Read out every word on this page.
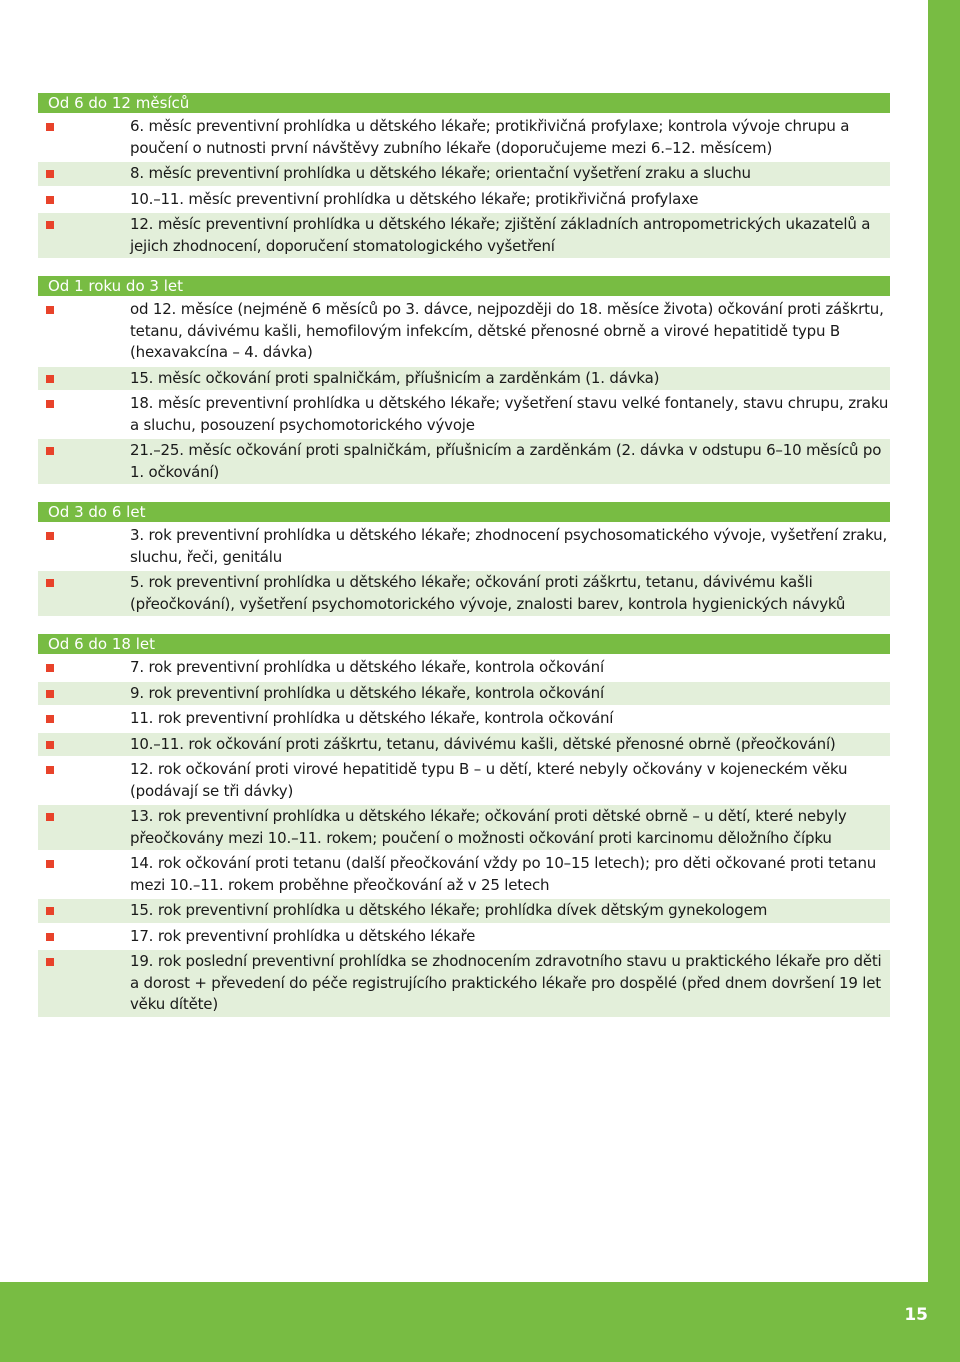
15
Od 6 do 12 měsíců
6. měsíc preventivní prohlídka u dětského lékaře; protikřivičná profylaxe; kontrola vývoje chrupu a poučení o nutnosti první návštěvy zubního lékaře (doporučujeme mezi 6.–12. měsícem)
8. měsíc preventivní prohlídka u dětského lékaře; orientační vyšetření zraku a sluchu
10.–11. měsíc preventivní prohlídka u dětského lékaře; protikřivičná profylaxe
12. měsíc preventivní prohlídka u dětského lékaře; zjištění základních antropometrických ukazatelů a jejich zhodnocení, doporučení stomatologického vyšetření
Od 1 roku do 3 let
od 12. měsíce (nejméně 6 měsíců po 3. dávce, nejpozději do 18. měsíce života) očkování proti záškrtu, tetanu, dávivému kašli, hemofilovým infekcím, dětské přenosné obrně a virové hepatitidě typu B (hexavakcína – 4. dávka)
15. měsíc očkování proti spalničkám, příušnicím a zarděnkám (1. dávka)
18. měsíc preventivní prohlídka u dětského lékaře; vyšetření stavu velké fontanely, stavu chrupu, zraku a sluchu, posouzení psychomotorického vývoje
21.–25. měsíc očkování proti spalničkám, příušnicím a zarděnkám (2. dávka v odstupu 6–10 měsíců po 1. očkování)
Od 3 do 6 let
3. rok preventivní prohlídka u dětského lékaře; zhodnocení psychosomatického vývoje, vyšetření zraku, sluchu, řeči, genitálu
5. rok preventivní prohlídka u dětského lékaře; očkování proti záškrtu, tetanu, dávivému kašli (přeočkování), vyšetření psychomotorického vývoje, znalosti barev, kontrola hygienických návyků
Od 6 do 18 let
7. rok preventivní prohlídka u dětského lékaře, kontrola očkování
9. rok preventivní prohlídka u dětského lékaře, kontrola očkování
11. rok preventivní prohlídka u dětského lékaře, kontrola očkování
10.–11. rok očkování proti záškrtu, tetanu, dávivému kašli, dětské přenosné obrně (přeočkování)
12. rok očkování proti virové hepatitidě typu B – u dětí, které nebyly očkovány v kojeneckém věku (podávají se tři dávky)
13. rok preventivní prohlídka u dětského lékaře; očkování proti dětské obrně – u dětí, které nebyly přeočkovány mezi 10.–11. rokem; poučení o možnosti očkování proti karcinomu děložního čípku
14. rok očkování proti tetanu (další přeočkování vždy po 10–15 letech); pro děti očkované proti tetanu mezi 10.–11. rokem proběhne přeočkování až v 25 letech
15. rok preventivní prohlídka u dětského lékaře; prohlídka dívek dětským gynekologem
17. rok preventivní prohlídka u dětského lékaře
19. rok poslední preventivní prohlídka se zhodnocením zdravotního stavu u praktického lékaře pro děti a dorost + převedení do péče registrujícího praktického lékaře pro dospělé (před dnem dovršení 19 let věku dítěte)
